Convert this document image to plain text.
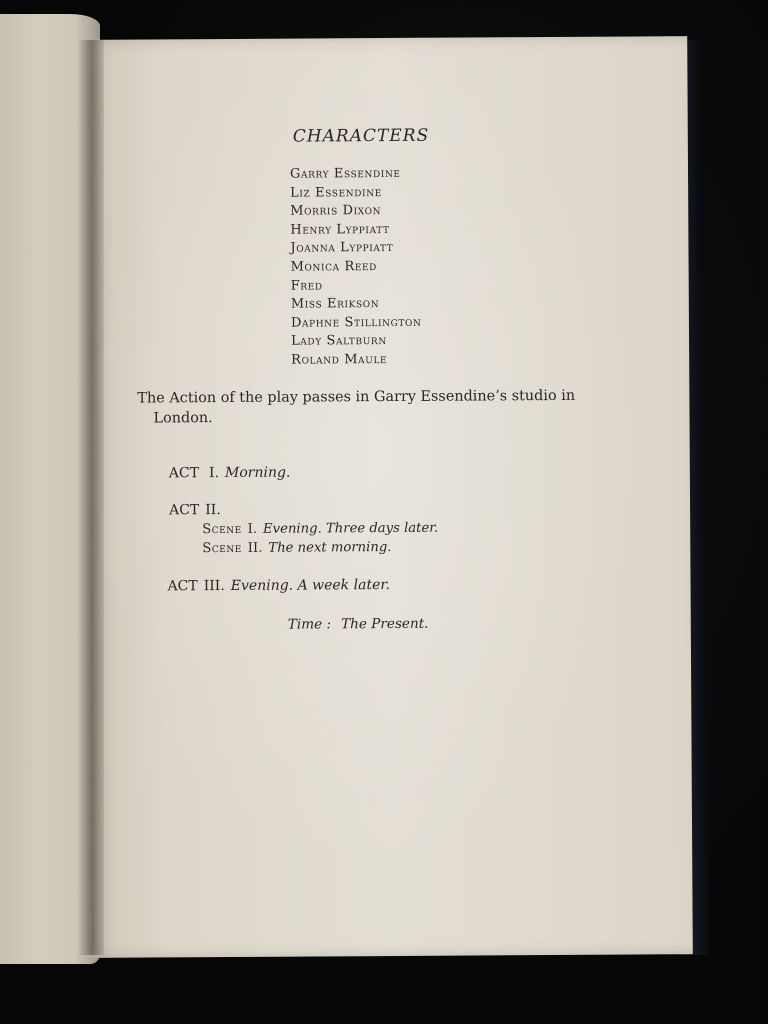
CHARACTERS
Garry Essendine
Liz Essendine
Morris Dixon
Henry Lyppiatt
Joanna Lyppiatt
Monica Reed
Fred
Miss Erikson
Daphne Stillington
Lady Saltburn
Roland Maule
The Action of the play passes in Garry Essendine’s studio in
London.
ACT I. Morning.
ACT II.
Scene I. Evening. Three days later.
Scene II. The next morning.
ACT III. Evening. A week later.
Time : The Present.
